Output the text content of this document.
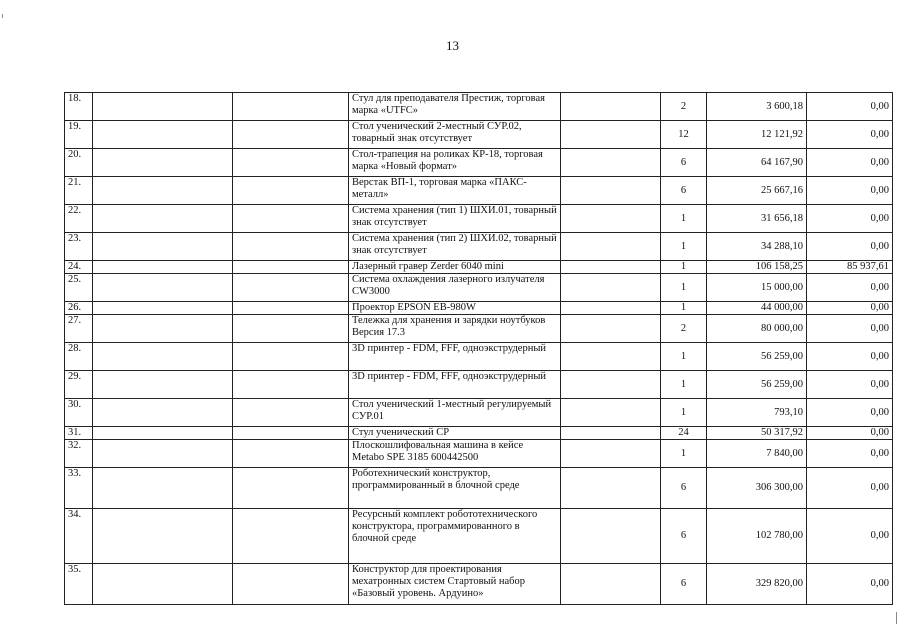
13
18.			Стул для преподавателя Престиж, торговая марка «UTFC»		2	3 600,18	0,00
19.			Стол ученический 2-местный СУР.02, товарный знак отсутствует		12	12 121,92	0,00
20.			Стол-трапеция на роликах КР-18, торговая марка «Новый формат»		6	64 167,90	0,00
21.			Верстак ВП-1, торговая марка «ПАКС-металл»		6	25 667,16	0,00
22.			Система хранения (тип 1) ШХИ.01, товарный знак отсутствует		1	31 656,18	0,00
23.			Система хранения (тип 2) ШХИ.02, товарный знак отсутствует		1	34 288,10	0,00
24.			Лазерный гравер Zerder 6040 mini		1	106 158,25	85 937,61
25.			Система охлаждения лазерного излучателя CW3000		1	15 000,00	0,00
26.			Проектор EPSON EB-980W		1	44 000,00	0,00
27.			Тележка для хранения и зарядки ноутбуков Версия 17.3		2	80 000,00	0,00
28.			3D принтер - FDM, FFF, одноэкструдерный		1	56 259,00	0,00
29.			3D принтер - FDM, FFF, одноэкструдерный		1	56 259,00	0,00
30.			Стол ученический 1-местный регулируемый СУР.01		1	793,10	0,00
31.			Стул ученический СР		24	50 317,92	0,00
32.			Плоскошлифовальная машина в кейсе Metabo SPE 3185 600442500		1	7 840,00	0,00
33.			Роботехнический конструктор, программированный в блочной среде		6	306 300,00	0,00
34.			Ресурсный комплект робототехнического конструктора, программированного в блочной среде		6	102 780,00	0,00
35.			Конструктор для проектирования мехатронных систем Стартовый набор «Базовый уровень. Ардуино»		6	329 820,00	0,00
